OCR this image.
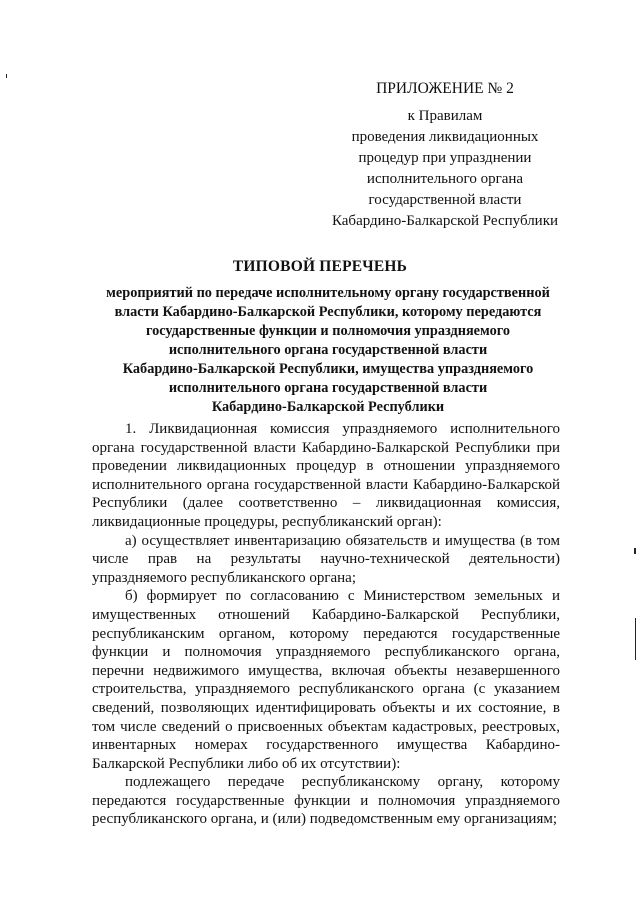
ПРИЛОЖЕНИЕ № 2
к Правилам
проведения ликвидационных
процедур при упразднении
исполнительного органа
государственной власти
Кабардино-Балкарской Республики
ТИПОВОЙ ПЕРЕЧЕНЬ
мероприятий по передаче исполнительному органу государственной
власти Кабардино-Балкарской Республики, которому передаются
государственные функции и полномочия упраздняемого
исполнительного органа государственной власти
Кабардино-Балкарской Республики, имущества упраздняемого
исполнительного органа государственной власти
Кабардино-Балкарской Республики

1. Ликвидационная комиссия упраздняемого исполнительного органа государственной власти Кабардино-Балкарской Республики при проведении ликвидационных процедур в отношении упраздняемого исполнительного органа государственной власти Кабардино-Балкарской Республики (далее соответственно – ликвидационная комиссия, ликвидационные процедуры, республиканский орган):

а) осуществляет инвентаризацию обязательств и имущества (в том числе прав на результаты научно-технической деятельности) упраздняемого республиканского органа;

б) формирует по согласованию с Министерством земельных и имущественных отношений Кабардино-Балкарской Республики, республиканским органом, которому передаются государственные функции и полномочия упраздняемого республиканского органа, перечни недвижимого имущества, включая объекты незавершенного строительства, упраздняемого республиканского органа (с указанием сведений, позволяющих идентифицировать объекты и их состояние, в том числе сведений о присвоенных объектам кадастровых, реестровых, инвентарных номерах государственного имущества Кабардино-Балкарской Республики либо об их отсутствии):

подлежащего передаче республиканскому органу, которому передаются государственные функции и полномочия упраздняемого республиканского органа, и (или) подведомственным ему организациям;
